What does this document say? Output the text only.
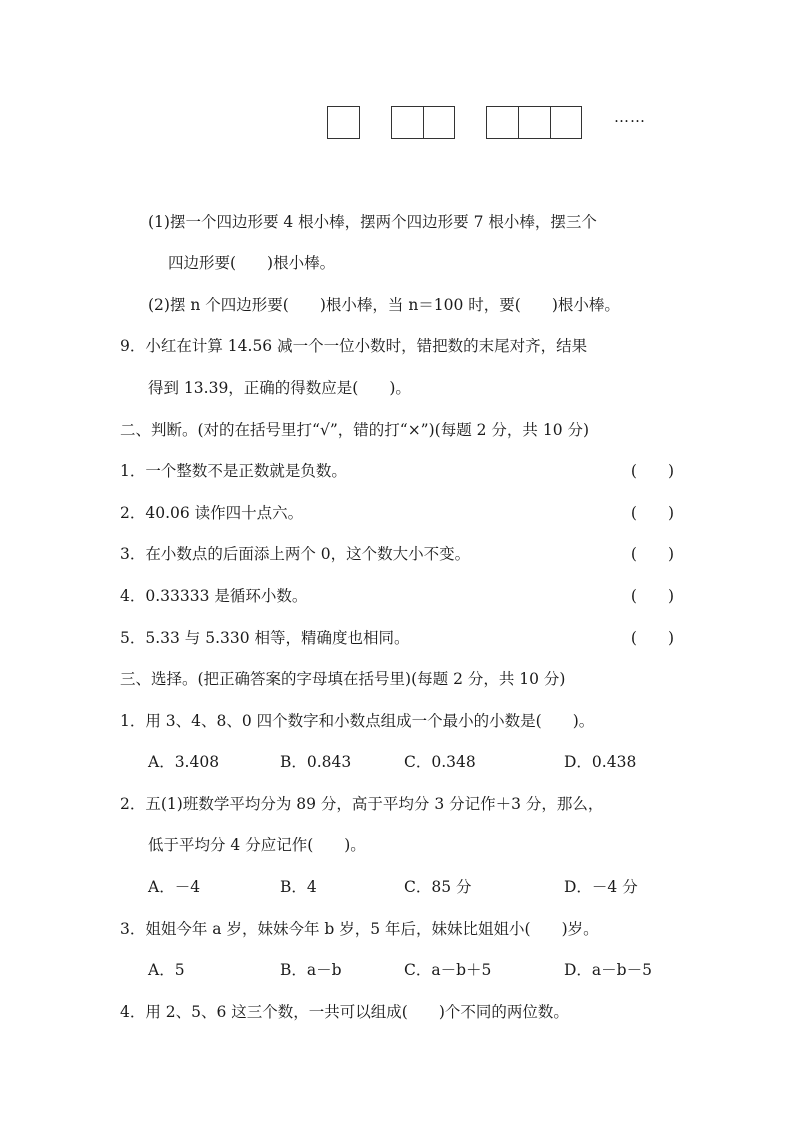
……
(1)摆一个四边形要 4 根小棒，摆两个四边形要 7 根小棒，摆三个
四边形要(　　)根小棒。
(2)摆 n 个四边形要(　　)根小棒，当 n＝100 时，要(　　)根小棒。
9．小红在计算 14.56 减一个一位小数时，错把数的末尾对齐，结果
得到 13.39，正确的得数应是(　　)。
二、判断。(对的在括号里打“√”，错的打“×”)(每题 2 分，共 10 分)
1．一个整数不是正数就是负数。	(　　)
2．40.06 读作四十点六。	(　　)
3．在小数点的后面添上两个 0，这个数大小不变。	(　　)
4．0.33333 是循环小数。	(　　)
5．5.33 与 5.330 相等，精确度也相同。	(　　)
三、选择。(把正确答案的字母填在括号里)(每题 2 分，共 10 分)
1．用 3、4、8、0 四个数字和小数点组成一个最小的小数是(　　)。
A．3.408	B．0.843	C．0.348	D．0.438
2．五(1)班数学平均分为 89 分，高于平均分 3 分记作＋3 分，那么，
低于平均分 4 分应记作(　　)。
A．－4	B．4	C．85 分	D．－4 分
3．姐姐今年 a 岁，妹妹今年 b 岁，5 年后，妹妹比姐姐小(　　)岁。
A．5	B．a－b	C．a－b＋5	D．a－b－5
4．用 2、5、6 这三个数，一共可以组成(　　)个不同的两位数。
